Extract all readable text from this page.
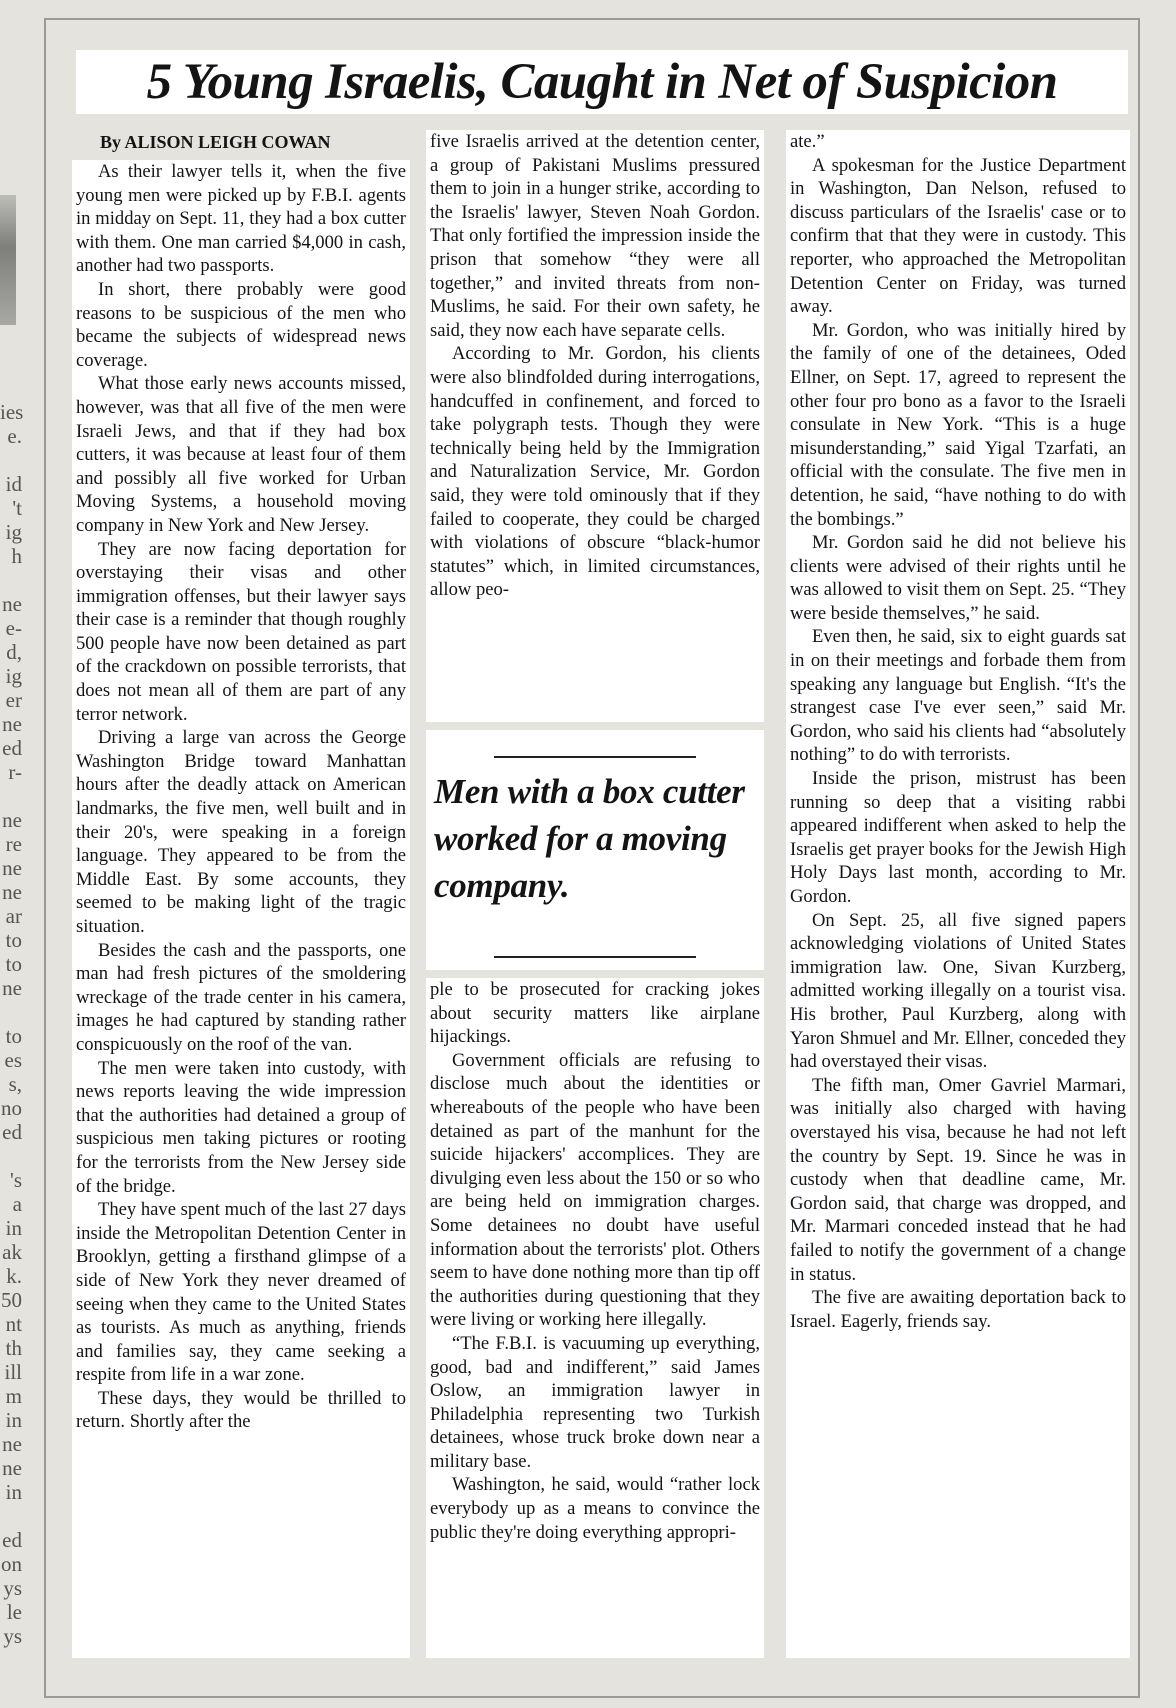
ies
e.

id
't
ig
h

ne
e-
d,
ig
er
ne
ed
r-

ne
re
ne
ne
ar
to
to
ne

to
es
s,
no
ed

's
a
in
ak
k.
50
nt
th
ill
m
in
ne
ne
in

ed
on
ys
le
ys
5 Young Israelis, Caught in Net of Suspicion
By ALISON LEIGH COWAN

As their lawyer tells it, when the five young men were picked up by F.B.I. agents in midday on Sept. 11, they had a box cutter with them. One man carried $4,000 in cash, another had two passports.

In short, there probably were good reasons to be suspicious of the men who became the subjects of widespread news coverage.

What those early news accounts missed, however, was that all five of the men were Israeli Jews, and that if they had box cutters, it was because at least four of them and possibly all five worked for Urban Moving Systems, a household moving company in New York and New Jersey.

They are now facing deportation for overstaying their visas and other immigration offenses, but their lawyer says their case is a reminder that though roughly 500 people have now been detained as part of the crackdown on possible terrorists, that does not mean all of them are part of any terror network.

Driving a large van across the George Washington Bridge toward Manhattan hours after the deadly attack on American landmarks, the five men, well built and in their 20's, were speaking in a foreign language. They appeared to be from the Middle East. By some accounts, they seemed to be making light of the tragic situation.

Besides the cash and the passports, one man had fresh pictures of the smoldering wreckage of the trade center in his camera, images he had captured by standing rather conspicuously on the roof of the van.

The men were taken into custody, with news reports leaving the wide impression that the authorities had detained a group of suspicious men taking pictures or rooting for the terrorists from the New Jersey side of the bridge.

They have spent much of the last 27 days inside the Metropolitan Detention Center in Brooklyn, getting a firsthand glimpse of a side of New York they never dreamed of seeing when they came to the United States as tourists. As much as anything, friends and families say, they came seeking a respite from life in a war zone.

These days, they would be thrilled to return. Shortly after the

five Israelis arrived at the detention center, a group of Pakistani Muslims pressured them to join in a hunger strike, according to the Israelis' lawyer, Steven Noah Gordon. That only fortified the impression inside the prison that somehow “they were all together,” and invited threats from non-Muslims, he said. For their own safety, he said, they now each have separate cells.

According to Mr. Gordon, his clients were also blindfolded during interrogations, handcuffed in confinement, and forced to take polygraph tests. Though they were technically being held by the Immigration and Naturalization Service, Mr. Gordon said, they were told ominously that if they failed to cooperate, they could be charged with violations of obscure “black-humor statutes” which, in limited circumstances, allow peo-

Men with a box cutter worked for a moving company.

ple to be prosecuted for cracking jokes about security matters like airplane hijackings.

Government officials are refusing to disclose much about the identities or whereabouts of the people who have been detained as part of the manhunt for the suicide hijackers' accomplices. They are divulging even less about the 150 or so who are being held on immigration charges. Some detainees no doubt have useful information about the terrorists' plot. Others seem to have done nothing more than tip off the authorities during questioning that they were living or working here illegally.

“The F.B.I. is vacuuming up everything, good, bad and indifferent,” said James Oslow, an immigration lawyer in Philadelphia representing two Turkish detainees, whose truck broke down near a military base.

Washington, he said, would “rather lock everybody up as a means to convince the public they're doing everything appropri-

ate.”

A spokesman for the Justice Department in Washington, Dan Nelson, refused to discuss particulars of the Israelis' case or to confirm that that they were in custody. This reporter, who approached the Metropolitan Detention Center on Friday, was turned away.

Mr. Gordon, who was initially hired by the family of one of the detainees, Oded Ellner, on Sept. 17, agreed to represent the other four pro bono as a favor to the Israeli consulate in New York. “This is a huge misunderstanding,” said Yigal Tzarfati, an official with the consulate. The five men in detention, he said, “have nothing to do with the bombings.”

Mr. Gordon said he did not believe his clients were advised of their rights until he was allowed to visit them on Sept. 25. “They were beside themselves,” he said.

Even then, he said, six to eight guards sat in on their meetings and forbade them from speaking any language but English. “It's the strangest case I've ever seen,” said Mr. Gordon, who said his clients had “absolutely nothing” to do with terrorists.

Inside the prison, mistrust has been running so deep that a visiting rabbi appeared indifferent when asked to help the Israelis get prayer books for the Jewish High Holy Days last month, according to Mr. Gordon.

On Sept. 25, all five signed papers acknowledging violations of United States immigration law. One, Sivan Kurzberg, admitted working illegally on a tourist visa. His brother, Paul Kurzberg, along with Yaron Shmuel and Mr. Ellner, conceded they had overstayed their visas.

The fifth man, Omer Gavriel Marmari, was initially also charged with having overstayed his visa, because he had not left the country by Sept. 19. Since he was in custody when that deadline came, Mr. Gordon said, that charge was dropped, and Mr. Marmari conceded instead that he had failed to notify the government of a change in status.

The five are awaiting deportation back to Israel. Eagerly, friends say.
